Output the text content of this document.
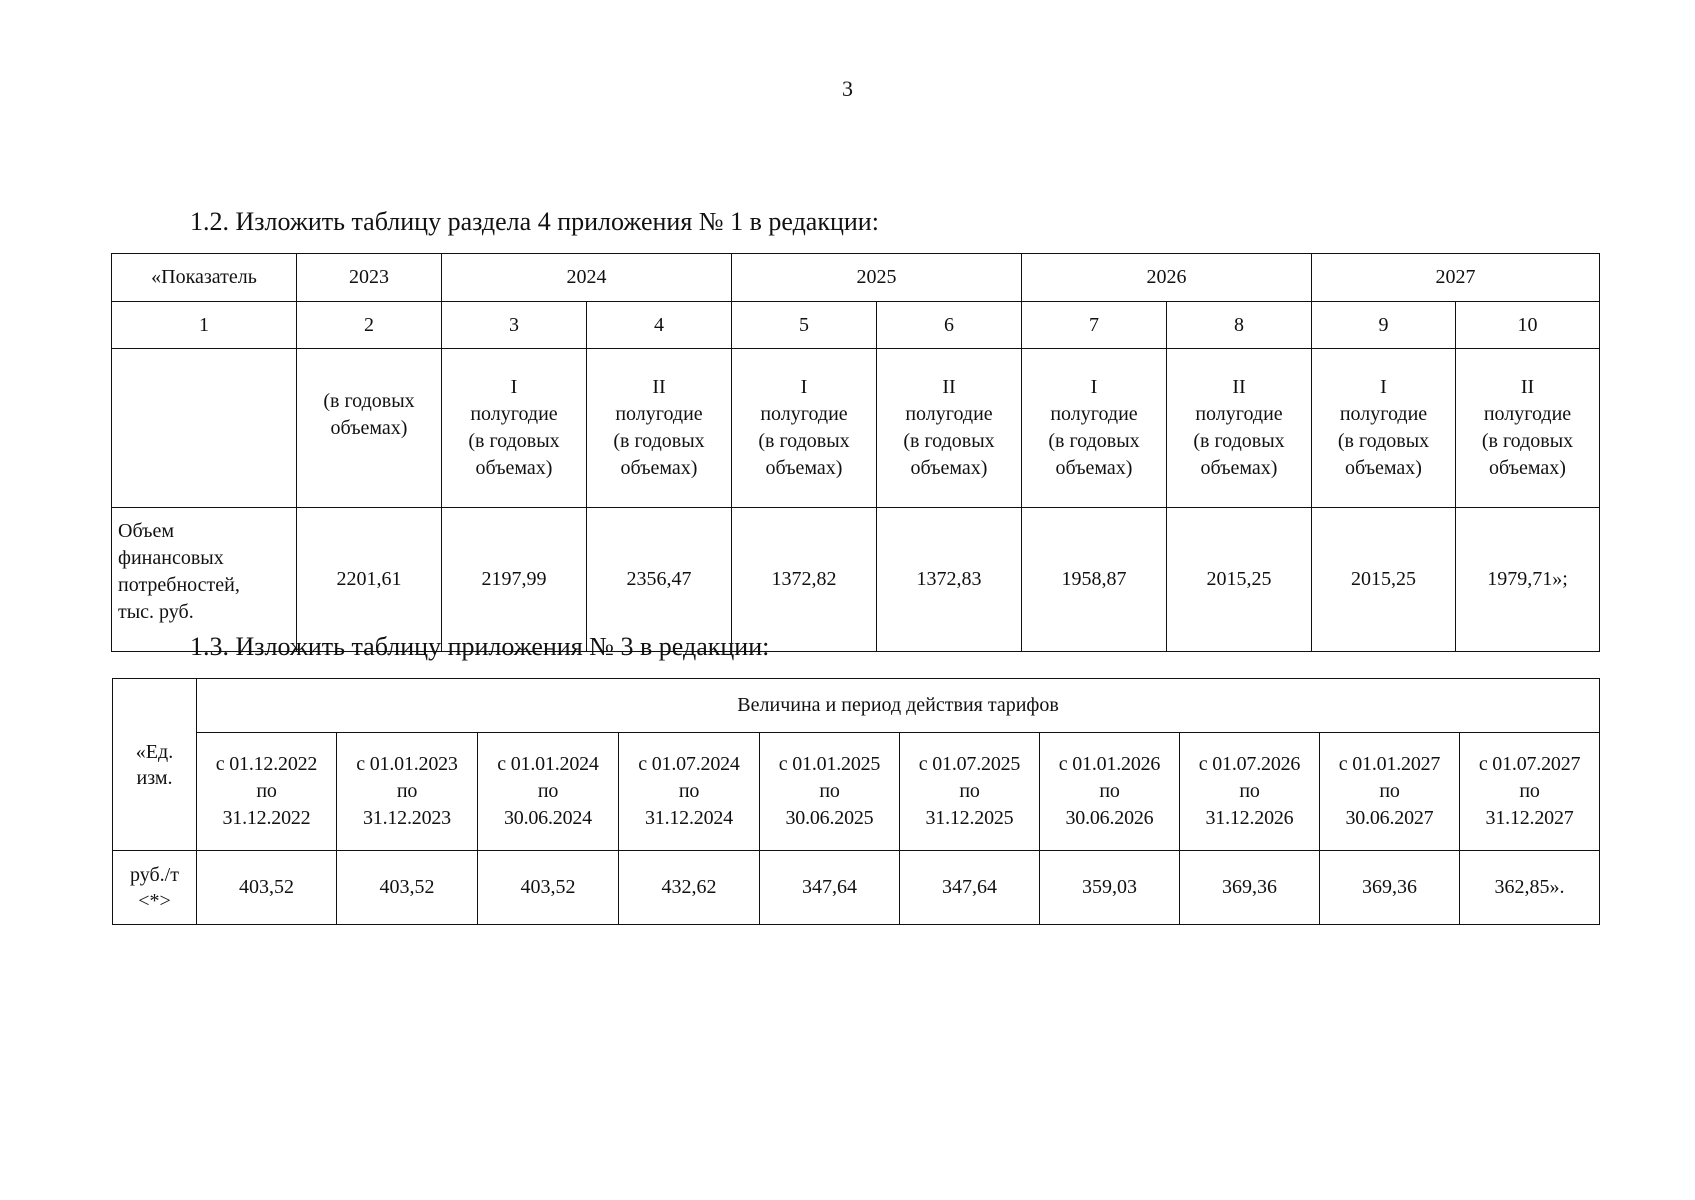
3
1.2. Изложить таблицу раздела 4 приложения № 1 в редакции:
«Показатель	2023	2024		2025		2026		2027	
1	2	3	4	5	6	7	8	9	10

	(в годовых
объемах)	I
полугодие
(в годовых
объемах)	II
полугодие
(в годовых
объемах)	I
полугодие
(в годовых
объемах)	II
полугодие
(в годовых
объемах)	I
полугодие
(в годовых
объемах)	II
полугодие
(в годовых
объемах)	I
полугодие
(в годовых
объемах)	II
полугодие
(в годовых
объемах)

Объем
финансовых
потребностей,
тыс. руб.	2201,61	2197,99	2356,47	1372,82	1372,83	1958,87	2015,25	2015,25	1979,71»;
1.3. Изложить таблицу приложения № 3 в редакции:
«Ед.
изм.	Величина и период действия тарифов									

	с 01.12.2022
по
31.12.2022	с 01.01.2023
по
31.12.2023	с 01.01.2024
по
30.06.2024	с 01.07.2024
по
31.12.2024	с 01.01.2025
по
30.06.2025	с 01.07.2025
по
31.12.2025	с 01.01.2026
по
30.06.2026	с 01.07.2026
по
31.12.2026	с 01.01.2027
по
30.06.2027	с 01.07.2027
по
31.12.2027

руб./т
<*>	403,52	403,52	403,52	432,62	347,64	347,64	359,03	369,36	369,36	362,85».
